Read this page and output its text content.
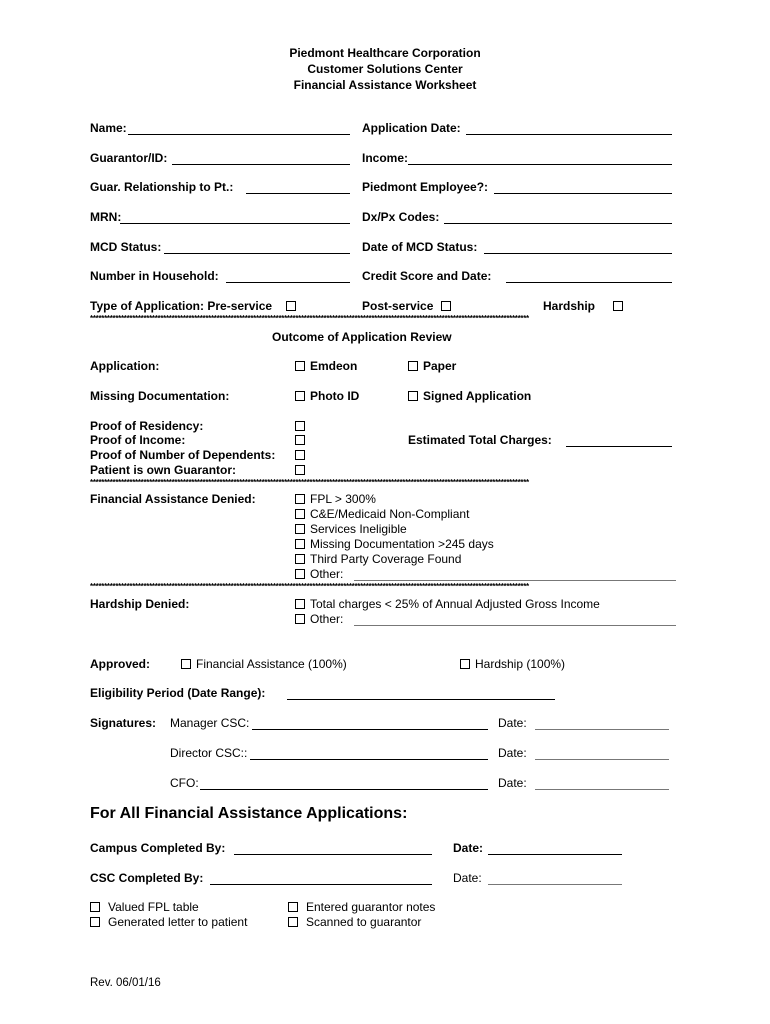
Piedmont Healthcare Corporation
Customer Solutions Center
Financial Assistance Worksheet
Name:	Application Date:
Guarantor/ID:	Income:
Guar. Relationship to Pt.:	Piedmont Employee?:
MRN:	Dx/Px Codes:
MCD Status:	Date of MCD Status:
Number in Household:	Credit Score and Date:
Type of Application: Pre-service	Post-service	Hardship
************************************************************************************************************************************************************
Outcome of Application Review
Application:	Emdeon	Paper
Missing Documentation:	Photo ID	Signed Application
Proof of Residency:
Proof of Income:
Proof of Number of Dependents:
Patient is own Guarantor:
Estimated Total Charges:
************************************************************************************************************************************************************
Financial Assistance Denied:	FPL > 300%
C&E/Medicaid Non-Compliant
Services Ineligible
Missing Documentation >245 days
Third Party Coverage Found
Other:
************************************************************************************************************************************************************
Hardship Denied:	Total charges < 25% of Annual Adjusted Gross Income
Other:
Approved:	Financial Assistance (100%)	Hardship (100%)
Eligibility Period (Date Range):
Signatures: Manager CSC:	Date:
Director CSC::	Date:
CFO:	Date:
For All Financial Assistance Applications:
Campus Completed By:	Date:
CSC Completed By:	Date:
Valued FPL table
Generated letter to patient
Entered guarantor notes
Scanned to guarantor
Rev. 06/01/16
